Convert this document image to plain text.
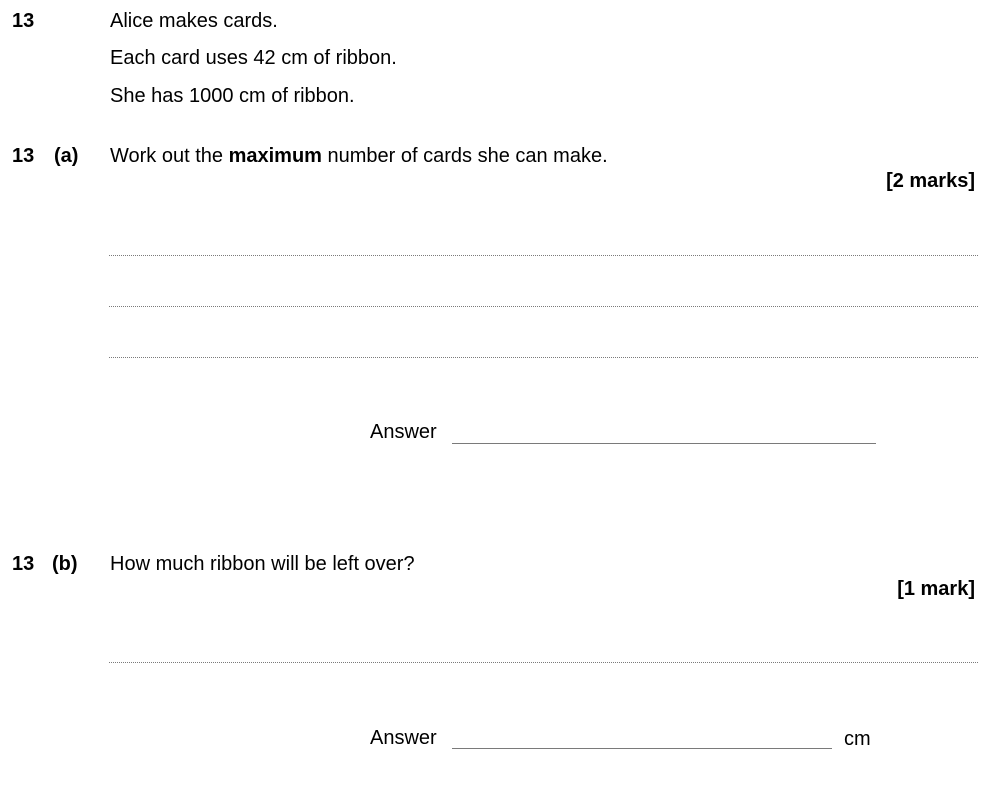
13	Alice makes cards.
Each card uses 42 cm of ribbon.
She has 1000 cm of ribbon.
13 (a) Work out the maximum number of cards she can make.
[2 marks]
Answer
13 (b) How much ribbon will be left over?
[1 mark]
Answer	cm
